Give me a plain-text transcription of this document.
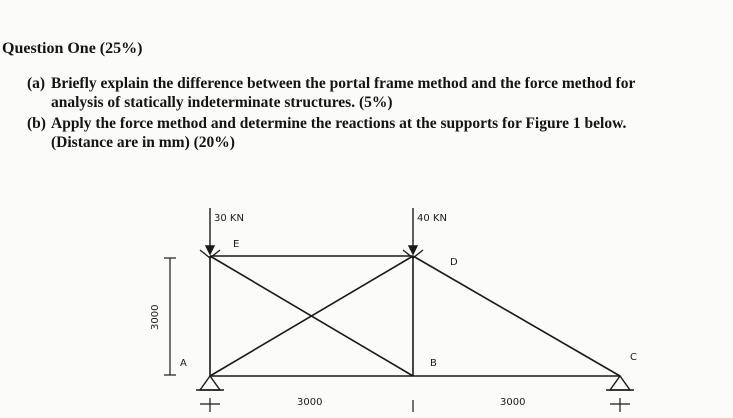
Question One (25%)
(a) Briefly explain the difference between the portal frame method and the force method for
analysis of statically indeterminate structures. (5%)
(b) Apply the force method and determine the reactions at the supports for Figure 1 below.
(Distance are in mm) (20%)
30 KN	40 KN
E
D
A	B
C
3000
3000	3000
